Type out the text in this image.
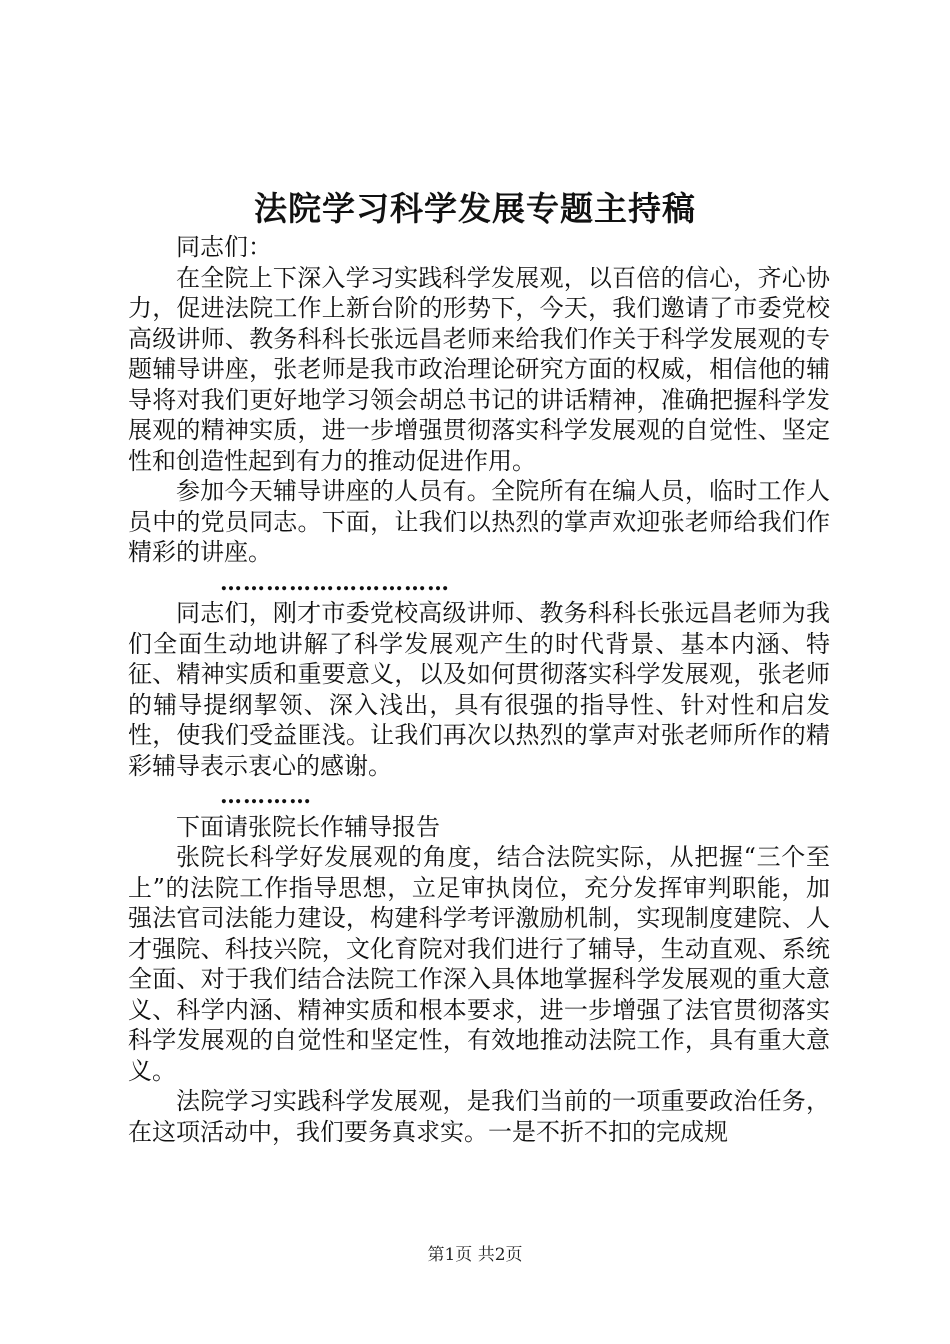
法院学习科学发展专题主持稿

同志们：

在全院上下深入学习实践科学发展观，以百倍的信心，齐心协力，促进法院工作上新台阶的形势下，今天，我们邀请了市委党校高级讲师、教务科科长张远昌老师来给我们作关于科学发展观的专题辅导讲座，张老师是我市政治理论研究方面的权威，相信他的辅导将对我们更好地学习领会胡总书记的讲话精神，准确把握科学发展观的精神实质，进一步增强贯彻落实科学发展观的自觉性、坚定性和创造性起到有力的推动促进作用。

参加今天辅导讲座的人员有。全院所有在编人员，临时工作人员中的党员同志。下面，让我们以热烈的掌声欢迎张老师给我们作精彩的讲座。

…………………………

同志们，刚才市委党校高级讲师、教务科科长张远昌老师为我们全面生动地讲解了科学发展观产生的时代背景、基本内涵、特征、精神实质和重要意义，以及如何贯彻落实科学发展观，张老师的辅导提纲挈领、深入浅出，具有很强的指导性、针对性和启发性，使我们受益匪浅。让我们再次以热烈的掌声对张老师所作的精彩辅导表示衷心的感谢。

…………

下面请张院长作辅导报告

张院长科学好发展观的角度，结合法院实际，从把握“三个至上”的法院工作指导思想，立足审执岗位，充分发挥审判职能，加强法官司法能力建设，构建科学考评激励机制，实现制度建院、人才强院、科技兴院，文化育院对我们进行了辅导，生动直观、系统全面、对于我们结合法院工作深入具体地掌握科学发展观的重大意义、科学内涵、精神实质和根本要求，进一步增强了法官贯彻落实科学发展观的自觉性和坚定性，有效地推动法院工作，具有重大意义。

法院学习实践科学发展观，是我们当前的一项重要政治任务，在这项活动中，我们要务真求实。一是不折不扣的完成规

第1页 共2页
